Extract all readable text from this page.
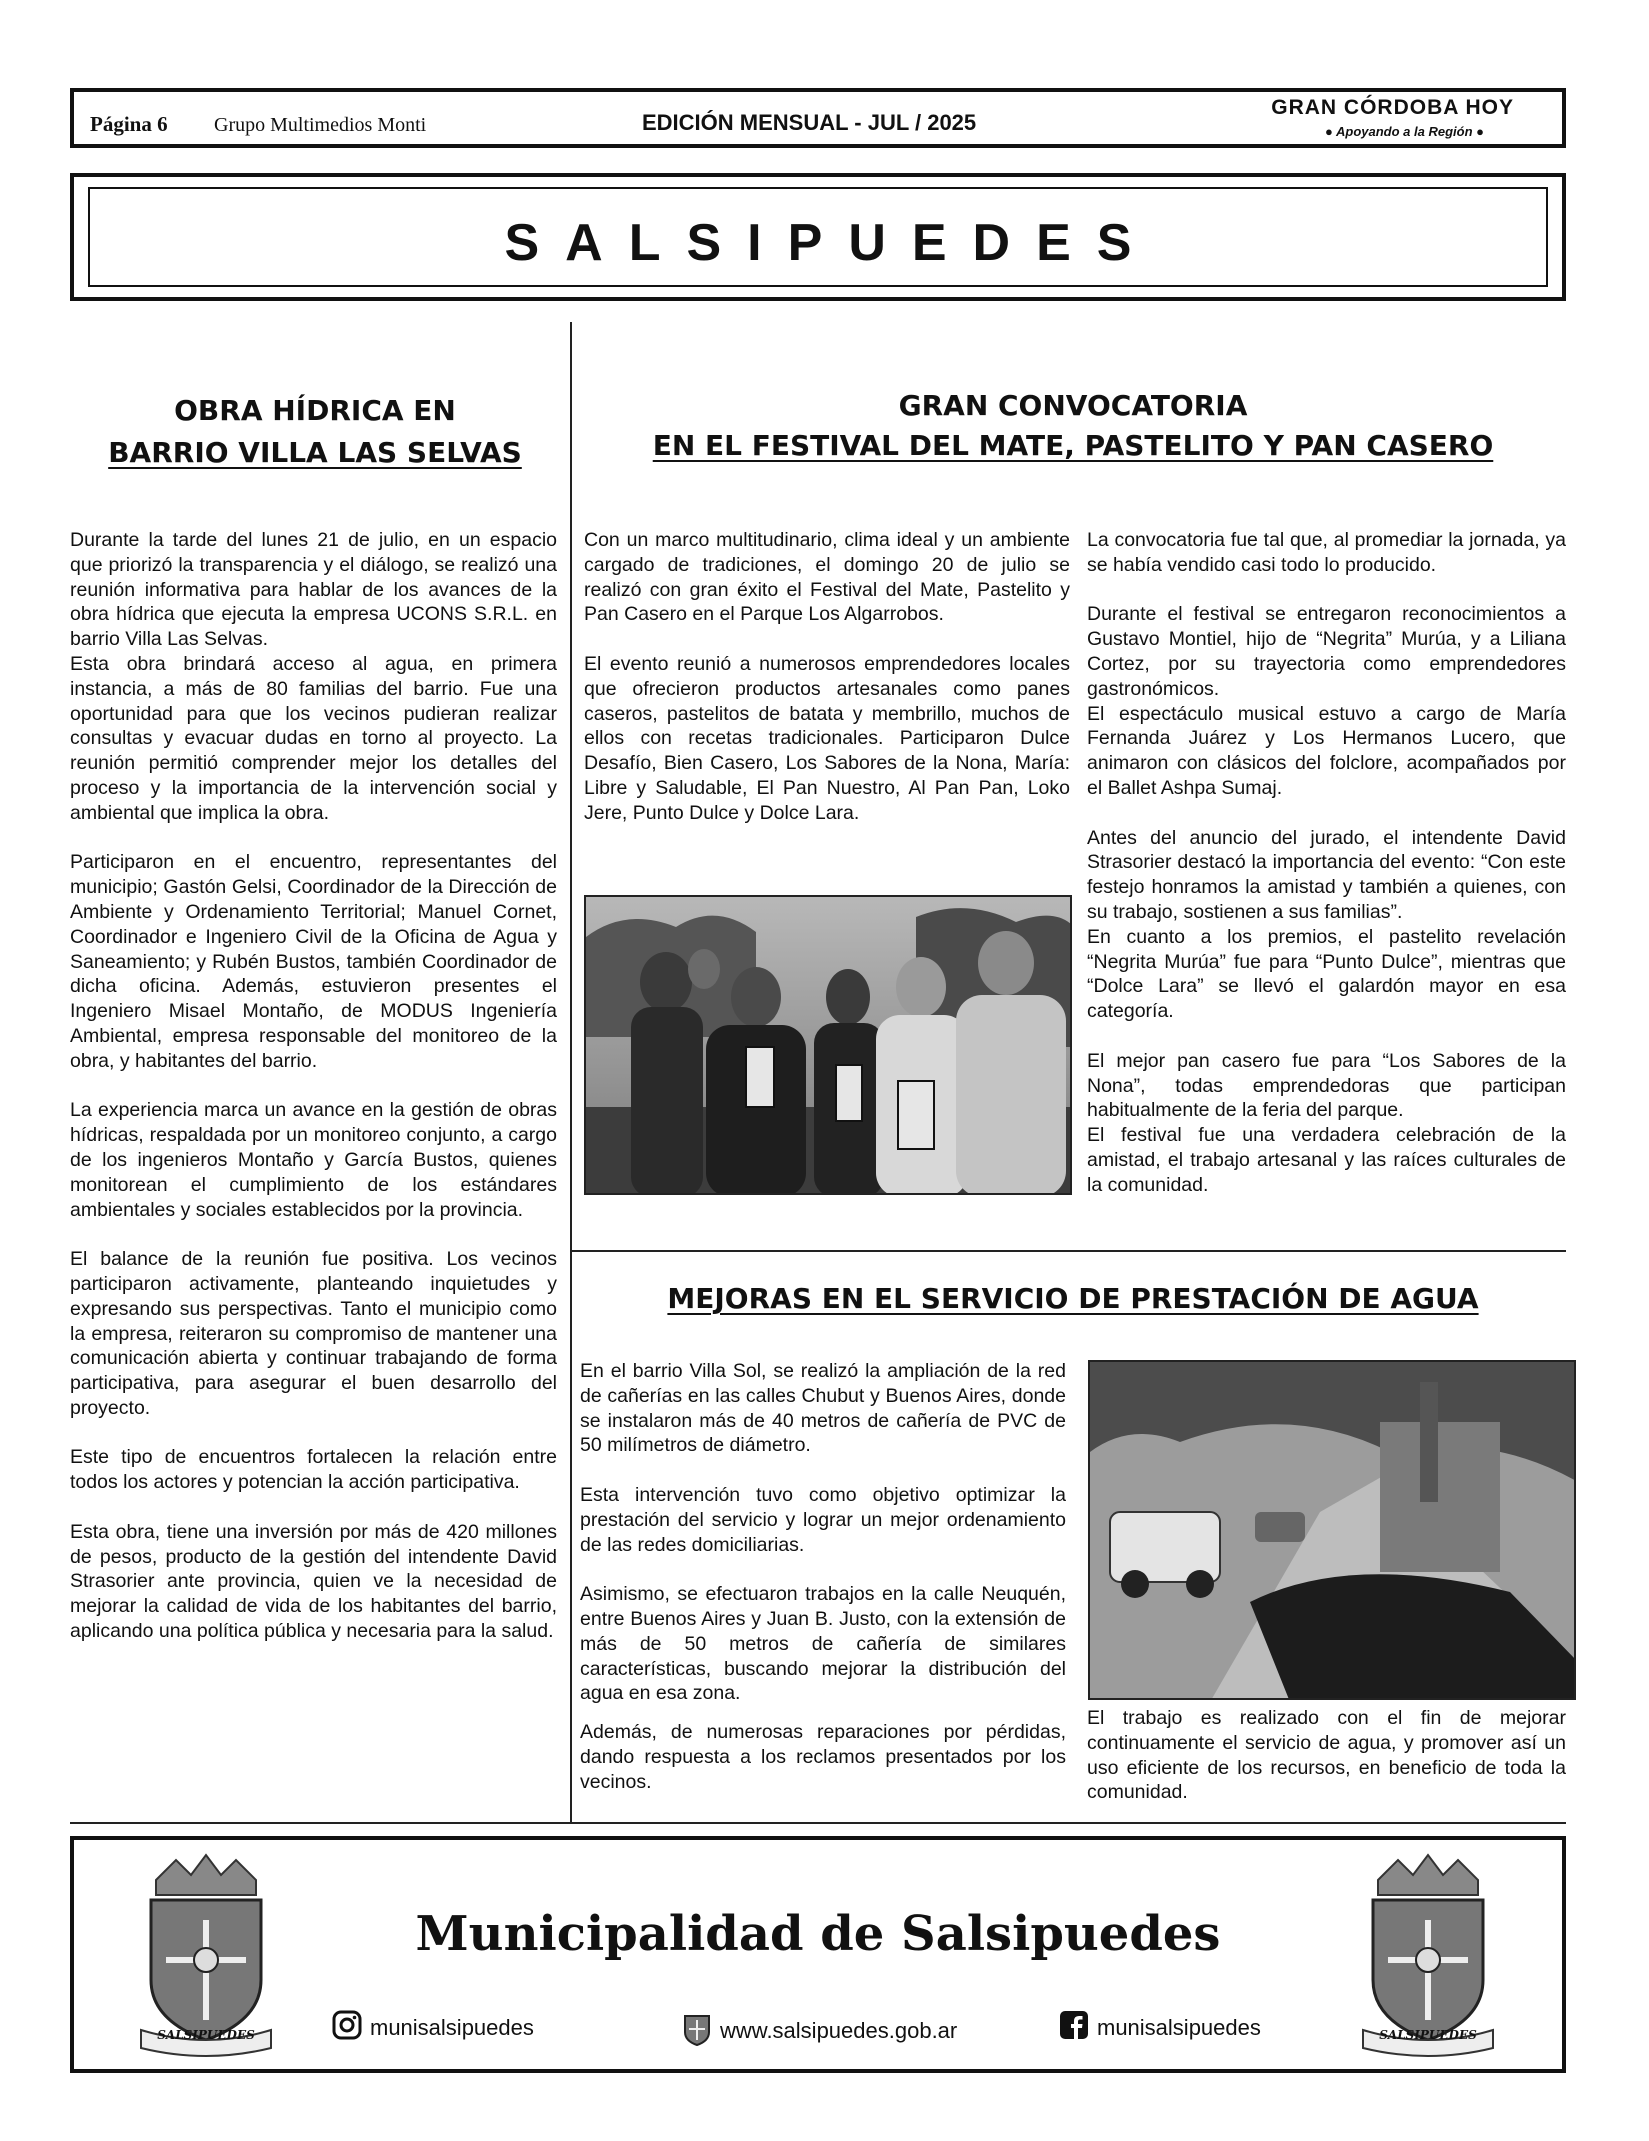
Página 6 Grupo Multimedios Monti	EDICIÓN MENSUAL - JUL / 2025
GRAN CÓRDOBA HOY
● Apoyando a la Región ●
SALSIPUEDES
OBRA HÍDRICA EN
BARRIO VILLA LAS SELVAS

Durante la tarde del lunes 21 de julio, en un espacio que priorizó la transparencia y el diálogo, se realizó una reunión informativa para hablar de los avances de la obra hídrica que ejecuta la empresa UCONS S.R.L. en barrio Villa Las Selvas.

Esta obra brindará acceso al agua, en primera instancia, a más de 80 familias del barrio. Fue una oportunidad para que los vecinos pudieran realizar consultas y evacuar dudas en torno al proyecto. La reunión permitió comprender mejor los detalles del proceso y la importancia de la intervención social y ambiental que implica la obra.

Participaron en el encuentro, representantes del municipio; Gastón Gelsi, Coordinador de la Dirección de Ambiente y Ordenamiento Territorial; Manuel Cornet, Coordinador e Ingeniero Civil de la Oficina de Agua y Saneamiento; y Rubén Bustos, también Coordinador de dicha oficina. Además, estuvieron presentes el Ingeniero Misael Montaño, de MODUS Ingeniería Ambiental, empresa responsable del monitoreo de la obra, y habitantes del barrio.

La experiencia marca un avance en la gestión de obras hídricas, respaldada por un monitoreo conjunto, a cargo de los ingenieros Montaño y García Bustos, quienes monitorean el cumplimiento de los estándares ambientales y sociales establecidos por la provincia.

El balance de la reunión fue positiva. Los vecinos participaron activamente, planteando inquietudes y expresando sus perspectivas. Tanto el municipio como la empresa, reiteraron su compromiso de mantener una comunicación abierta y continuar trabajando de forma participativa, para asegurar el buen desarrollo del proyecto.

Este tipo de encuentros fortalecen la relación entre todos los actores y potencian la acción participativa.

Esta obra, tiene una inversión por más de 420 millones de pesos, producto de la gestión del intendente David Strasorier ante provincia, quien ve la necesidad de mejorar la calidad de vida de los habitantes del barrio, aplicando una política pública y necesaria para la salud.

GRAN CONVOCATORIA
EN EL FESTIVAL DEL MATE, PASTELITO Y PAN CASERO

Con un marco multitudinario, clima ideal y un ambiente cargado de tradiciones, el domingo 20 de julio se realizó con gran éxito el Festival del Mate, Pastelito y Pan Casero en el Parque Los Algarrobos.

El evento reunió a numerosos emprendedores locales que ofrecieron productos artesanales como panes caseros, pastelitos de batata y membrillo, muchos de ellos con recetas tradicionales. Participaron Dulce Desafío, Bien Casero, Los Sabores de la Nona, María: Libre y Saludable, El Pan Nuestro, Al Pan Pan, Loko Jere, Punto Dulce y Dolce Lara.

La convocatoria fue tal que, al promediar la jornada, ya se había vendido casi todo lo producido.

Durante el festival se entregaron reconocimientos a Gustavo Montiel, hijo de “Negrita” Murúa, y a Liliana Cortez, por su trayectoria como emprendedores gastronómicos.

El espectáculo musical estuvo a cargo de María Fernanda Juárez y Los Hermanos Lucero, que animaron con clásicos del folclore, acompañados por el Ballet Ashpa Sumaj.

Antes del anuncio del jurado, el intendente David Strasorier destacó la importancia del evento: “Con este festejo honramos la amistad y también a quienes, con su trabajo, sostienen a sus familias”.

En cuanto a los premios, el pastelito revelación “Negrita Murúa” fue para “Punto Dulce”, mientras que “Dolce Lara” se llevó el galardón mayor en esa categoría.

El mejor pan casero fue para “Los Sabores de la Nona”, todas emprendedoras que participan habitualmente de la feria del parque.

El festival fue una verdadera celebración de la amistad, el trabajo artesanal y las raíces culturales de la comunidad.

MEJORAS EN EL SERVICIO DE PRESTACIÓN DE AGUA

En el barrio Villa Sol, se realizó la ampliación de la red de cañerías en las calles Chubut y Buenos Aires, donde se instalaron más de 40 metros de cañería de PVC de 50 milímetros de diámetro.

Esta intervención tuvo como objetivo optimizar la prestación del servicio y lograr un mejor ordenamiento de las redes domiciliarias.

Asimismo, se efectuaron trabajos en la calle Neuquén, entre Buenos Aires y Juan B. Justo, con la extensión de más de 50 metros de cañería de similares características, buscando mejorar la distribución del agua en esa zona.

Además, de numerosas reparaciones por pérdidas, dando respuesta a los reclamos presentados por los vecinos.

El trabajo es realizado con el fin de mejorar continuamente el servicio de agua, y promover así un uso eficiente de los recursos, en beneficio de toda la comunidad.

SALSIPUEDES
Municipalidad de Salsipuedes
munisalsipuedes	www.salsipuedes.gob.ar	munisalsipuedes	SALSIPUEDES
